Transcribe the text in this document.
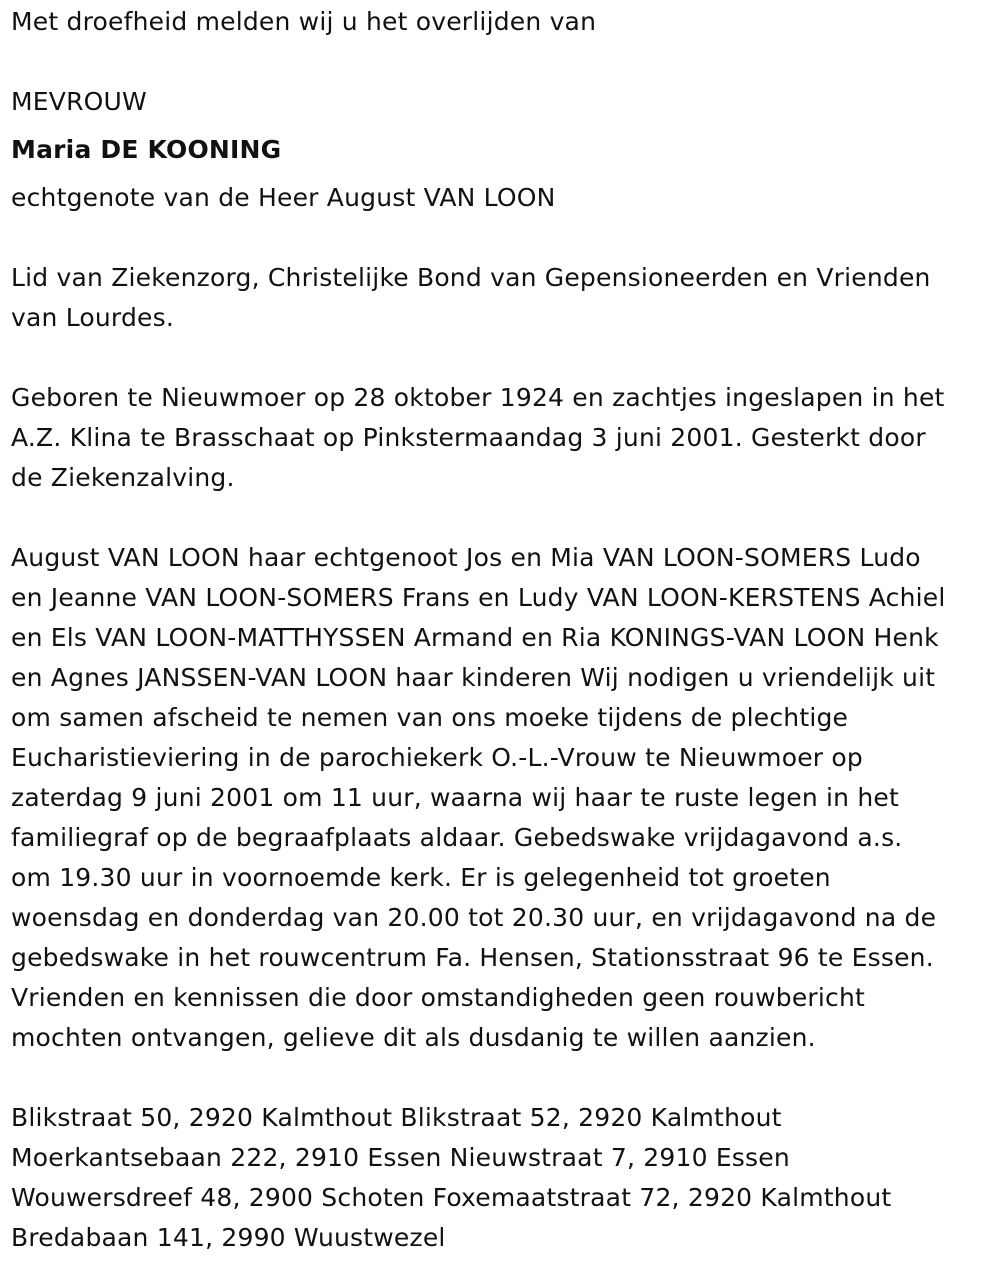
Met droefheid melden wij u het overlijden van

MEVROUW

Maria DE KOONING

echtgenote van de Heer August VAN LOON

Lid van Ziekenzorg, Christelijke Bond van Gepensioneerden en Vrienden
van Lourdes.
Geboren te Nieuwmoer op 28 oktober 1924 en zachtjes ingeslapen in het
A.Z. Klina te Brasschaat op Pinkstermaandag 3 juni 2001. Gesterkt door
de Ziekenzalving.
August VAN LOON haar echtgenoot Jos en Mia VAN LOON-SOMERS Ludo
en Jeanne VAN LOON-SOMERS Frans en Ludy VAN LOON-KERSTENS Achiel
en Els VAN LOON-MATTHYSSEN Armand en Ria KONINGS-VAN LOON Henk
en Agnes JANSSEN-VAN LOON haar kinderen Wij nodigen u vriendelijk uit
om samen afscheid te nemen van ons moeke tijdens de plechtige
Eucharistieviering in de parochiekerk O.-L.-Vrouw te Nieuwmoer op
zaterdag 9 juni 2001 om 11 uur, waarna wij haar te ruste legen in het
familiegraf op de begraafplaats aldaar. Gebedswake vrijdagavond a.s.
om 19.30 uur in voornoemde kerk. Er is gelegenheid tot groeten
woensdag en donderdag van 20.00 tot 20.30 uur, en vrijdagavond na de
gebedswake in het rouwcentrum Fa. Hensen, Stationsstraat 96 te Essen.
Vrienden en kennissen die door omstandigheden geen rouwbericht
mochten ontvangen, gelieve dit als dusdanig te willen aanzien.
Blikstraat 50, 2920 Kalmthout Blikstraat 52, 2920 Kalmthout
Moerkantsebaan 222, 2910 Essen Nieuwstraat 7, 2910 Essen
Wouwersdreef 48, 2900 Schoten Foxemaatstraat 72, 2920 Kalmthout
Bredabaan 141, 2990 Wuustwezel
